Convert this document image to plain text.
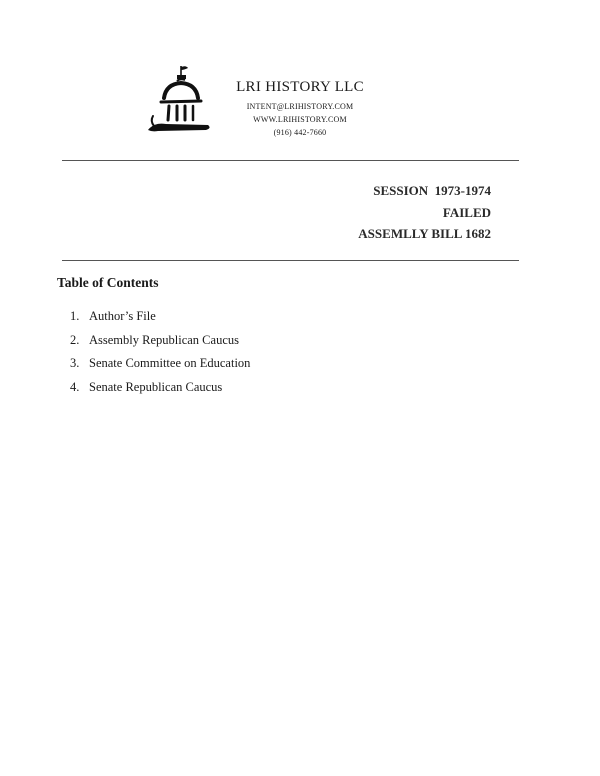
LRI HISTORY LLC
INTENT@LRIHISTORY.COM
WWW.LRIHISTORY.COM
(916) 442-7660
SESSION  1973-1974
FAILED
ASSEMLLY BILL 1682
Table of Contents
1. Author’s File
2. Assembly Republican Caucus
3. Senate Committee on Education
4. Senate Republican Caucus
